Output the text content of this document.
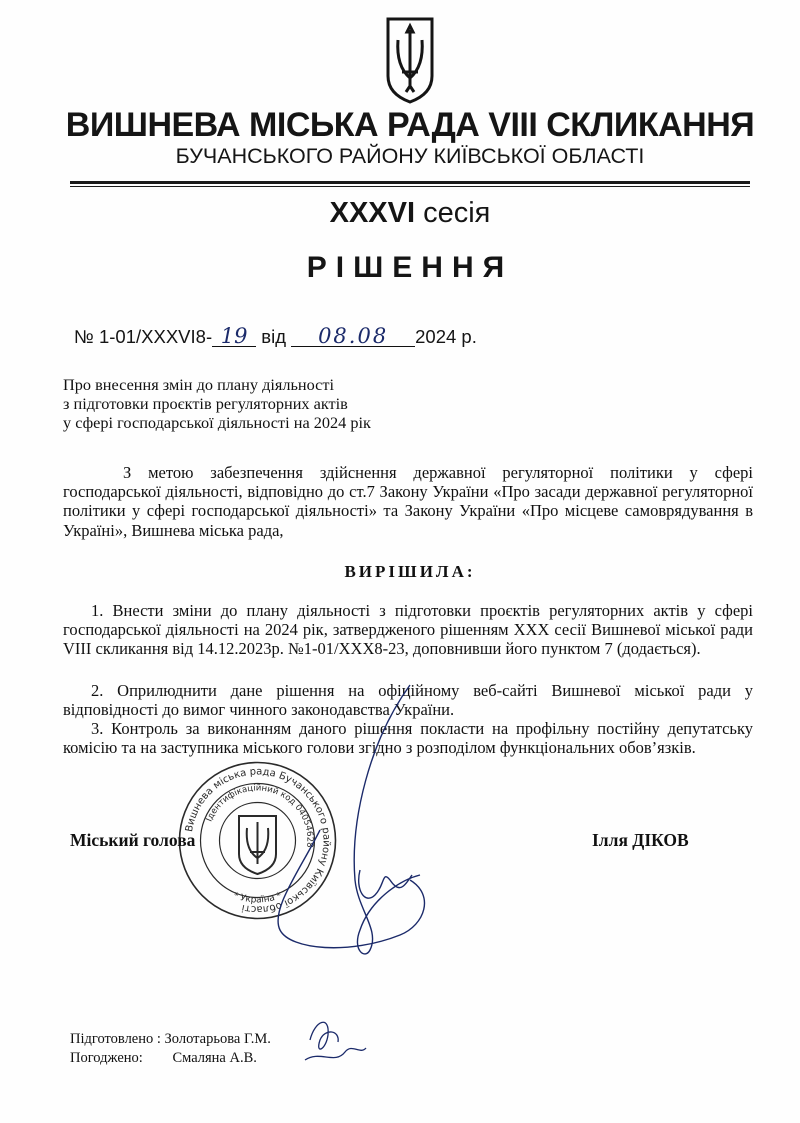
ВИШНЕВА МІСЬКА РАДА VIII СКЛИКАННЯ
БУЧАНСЬКОГО РАЙОНУ КИЇВСЬКОЇ ОБЛАСТІ
XXXVI сесія
РІШЕННЯ
№ 1-01/XXXVI8- 19 від 08.08 2024 р.
Про внесення змін до плану діяльності
з підготовки проєктів регуляторних актів
у сфері господарської діяльності на 2024 рік
З метою забезпечення здійснення державної регуляторної політики у сфері господарської діяльності, відповідно до ст.7 Закону України «Про засади державної регуляторної політики у сфері господарської діяльності» та Закону України «Про місцеве самоврядування в Україні», Вишнева міська рада,
ВИРІШИЛА:
1. Внести зміни до плану діяльності з підготовки проєктів регуляторних актів у сфері господарської діяльності на 2024 рік, затвердженого рішенням ХХХ сесії Вишневої міської ради VIII скликання від 14.12.2023р. №1-01/ХХХ8-23, доповнивши його пунктом 7 (додається).
2. Оприлюднити дане рішення на офіційному веб-сайті Вишневої міської ради у відповідності до вимог чинного законодавства України.
3. Контроль за виконанням даного рішення покласти на профільну постійну депутатську комісію та на заступника міського голови згідно з розподілом функціональних обов’язків.
Вишнева міська рада Бучанського району Київської області
Ідентифікаційний код 04054628
* Україна *
Міський голова	Ілля ДІКОВ
Підготовлено : Золотарьова Г.М.
Погоджено: Смаляна А.В.
